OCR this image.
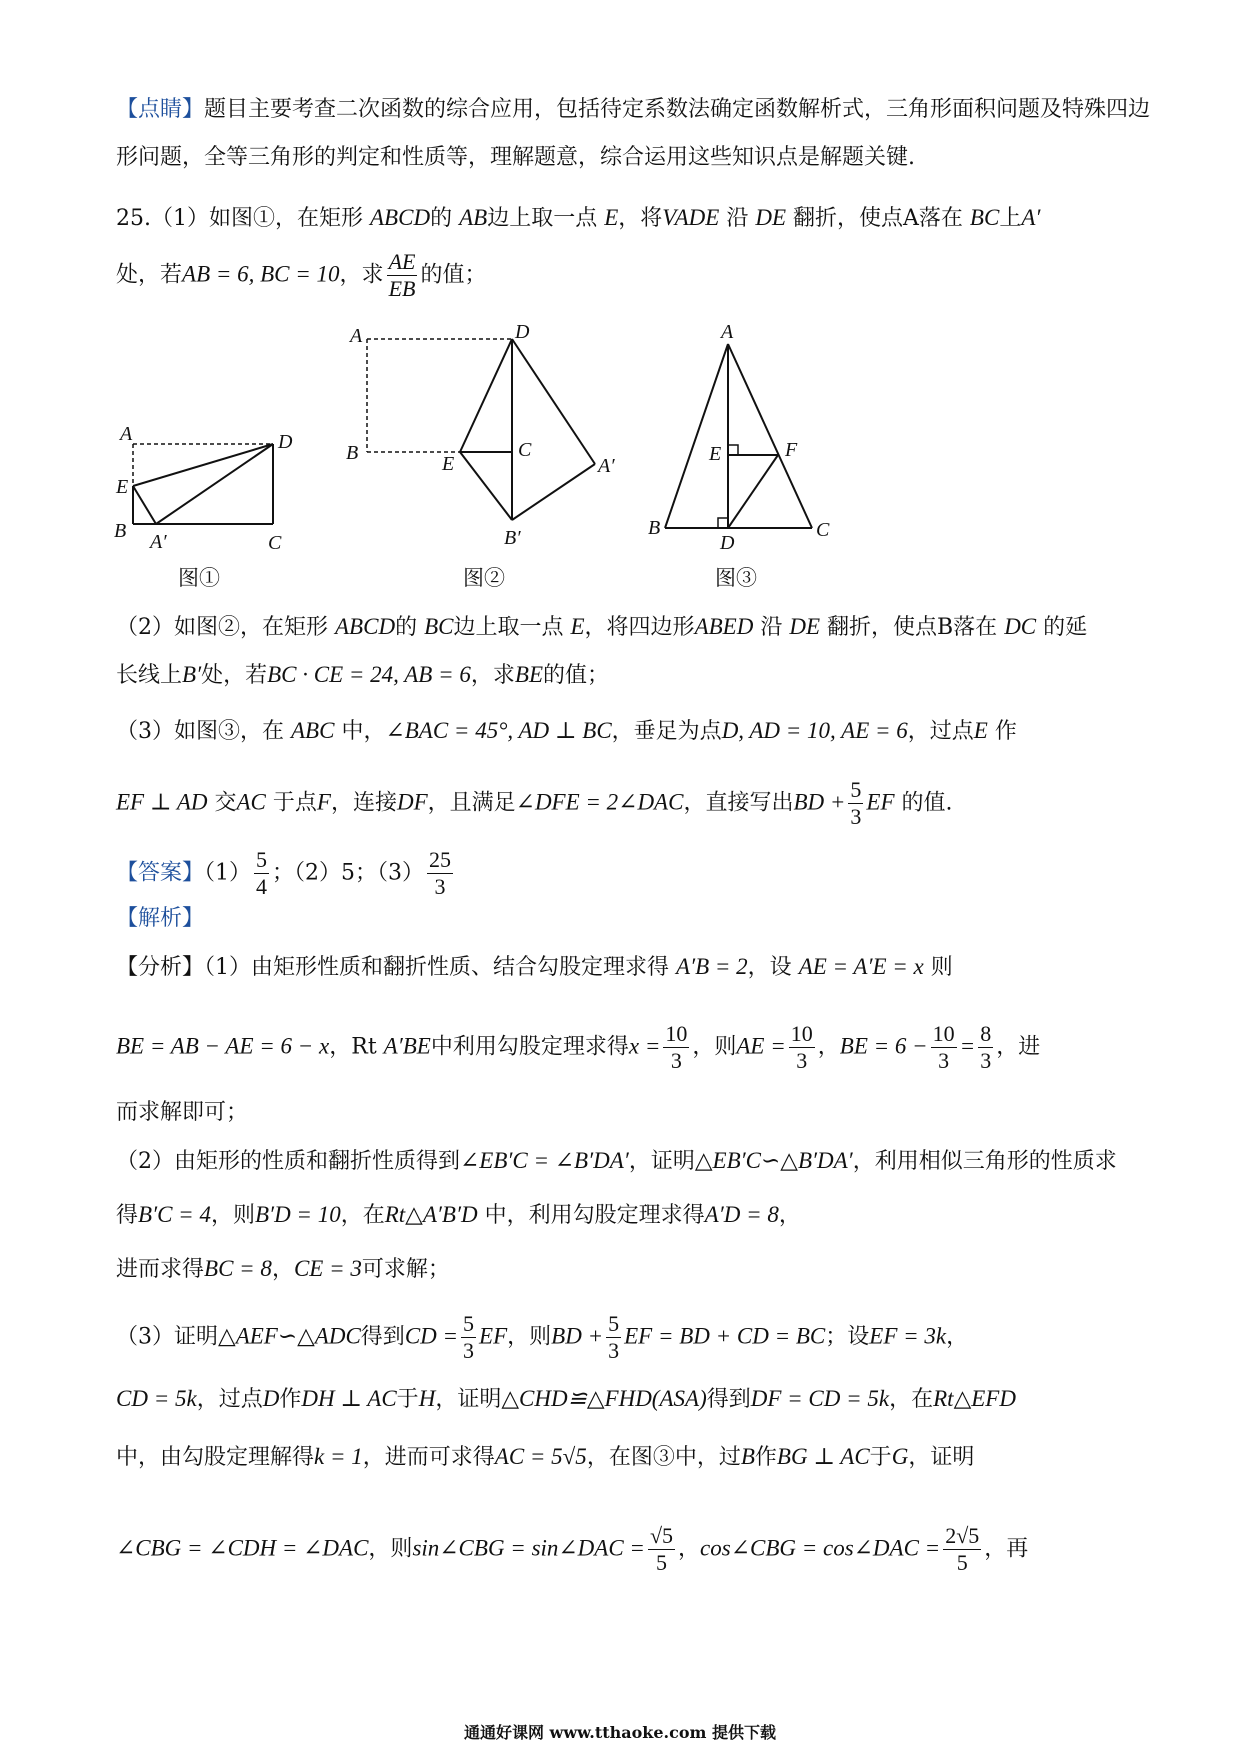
【点睛】题目主要考查二次函数的综合应用，包括待定系数法确定函数解析式，三角形面积问题及特殊四边
形问题，全等三角形的判定和性质等，理解题意，综合运用这些知识点是解题关键.
25.（1）如图①，在矩形 ABCD的 AB边上取一点 E，将VADE 沿 DE 翻折，使点A落在 BC上A′
处，若AB = 6, BC = 10，求 $\frac{AE}{EB}$ 的值；
A	D
E
B A′	C
图①
A	D
B	E
C
A′
B′
图②
A
E	F
B	C
D
图③
（2）如图②，在矩形 ABCD的 BC边上取一点 E，将四边形ABED 沿 DE 翻折，使点B落在 DC 的延
长线上B′处，若BC · CE = 24, AB = 6，求BE的值；
（3）如图③，在 ABC 中，∠BAC = 45°, AD ⊥ BC，垂足为点D, AD = 10, AE = 6，过点E 作
EF ⊥ AD 交AC 于点F，连接DF，且满足∠DFE = 2∠DAC，直接写出BD + $\frac{5}{3}$ EF 的值.
【答案】$(1) \frac{5}{4}$ ；（2）5；$(3) \frac{25}{3}$
【解析】
【分析】（1）由矩形性质和翻折性质、结合勾股定理求得 A′B = 2，设 AE = A′E = x 则
BE = AB − AE = 6 − x，Rt A′BE中利用勾股定理求得$x = \frac{10}{3}$ ，则AE = $\frac{10}{3}$ ，BE = $6 - \frac{10}{3} = \frac{8}{3}$ ，进
而求解即可；
（2）由矩形的性质和翻折性质得到∠EB′C = ∠B′DA′，证明△EB′C∽△B′DA′，利用相似三角形的性质求
得B′C = 4，则B′D = 10，在Rt△A′B′D 中，利用勾股定理求得A′D = 8，
进而求得BC = 8，CE = 3可求解；
（3）证明△AEF∽△ADC得到CD = $\frac{5}{3}$ EF，则BD + $\frac{5}{3}$ EF = BD + CD = BC；设EF = 3k，
CD = 5k，过点D作DH ⊥ AC于H，证明△CHD≌△FHD(ASA)得到DF = CD = 5k，在Rt△EFD
中，由勾股定理解得k = 1，进而可求得AC = 5√5，在图③中，过B作BG ⊥ AC于G，证明
∠CBG = ∠CDH = ∠DAC，则sin∠CBG = sin∠DAC = $\frac{√5}{5}$ ，cos∠CBG = cos∠DAC = $\frac{2√5}{5}$ ，再
通通好课网 www.tthaoke.com 提供下载
